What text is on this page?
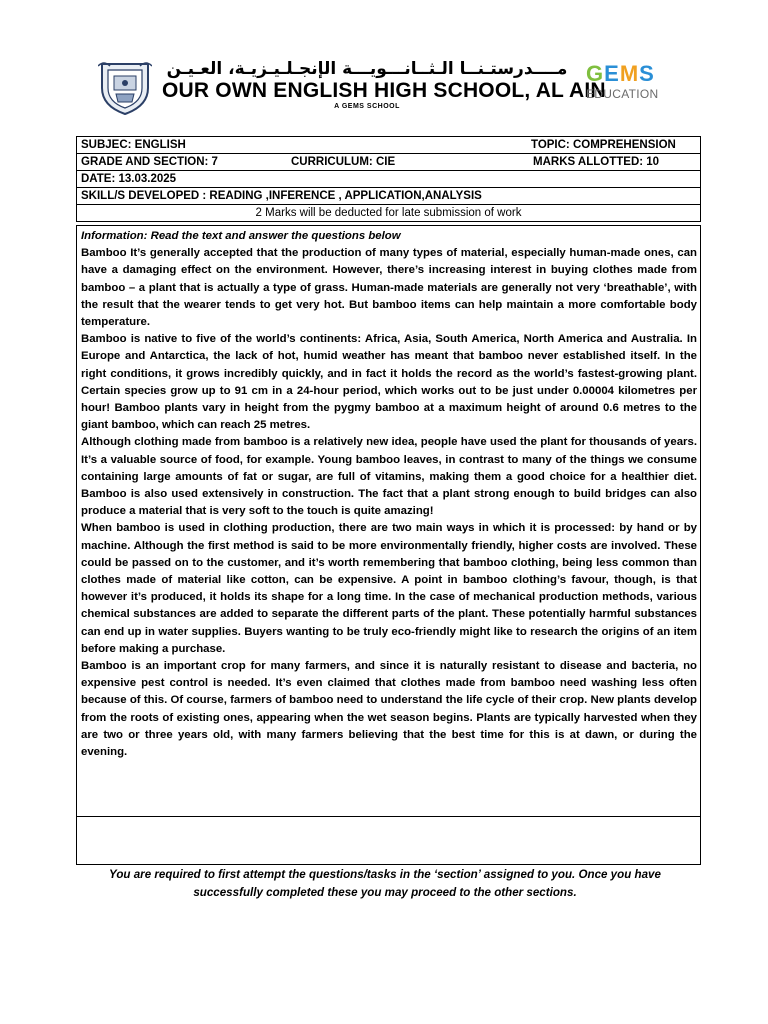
مــــدرستـنــا الـثــانـــويـــة الإنجـلـيـزيـة، العـيـن
OUR OWN ENGLISH HIGH SCHOOL, AL AIN
A GEMS SCHOOL
G E M S
EDUCATION
SUBJEC: ENGLISH	TOPIC: COMPREHENSION

GRADE AND SECTION: 7	CURRICULUM: CIE	MARKS ALLOTTED: 10

DATE: 13.03.2025

SKILL/S DEVELOPED : READING ,INFERENCE , APPLICATION,ANALYSIS

2 Marks will be deducted for late submission of work
Information: Read the text and answer the questions below

Bamboo It’s generally accepted that the production of many types of material, especially human-made ones, can have a damaging effect on the environment. However, there’s increasing interest in buying clothes made from bamboo – a plant that is actually a type of grass. Human-made materials are generally not very ‘breathable’, with the result that the wearer tends to get very hot. But bamboo items can help maintain a more comfortable body temperature.

Bamboo is native to five of the world’s continents: Africa, Asia, South America, North America and Australia. In Europe and Antarctica, the lack of hot, humid weather has meant that bamboo never established itself. In the right conditions, it grows incredibly quickly, and in fact it holds the record as the world’s fastest-growing plant. Certain species grow up to 91 cm in a 24-hour period, which works out to be just under 0.00004 kilometres per hour! Bamboo plants vary in height from the pygmy bamboo at a maximum height of around 0.6 metres to the giant bamboo, which can reach 25 metres.

Although clothing made from bamboo is a relatively new idea, people have used the plant for thousands of years. It’s a valuable source of food, for example. Young bamboo leaves, in contrast to many of the things we consume containing large amounts of fat or sugar, are full of vitamins, making them a good choice for a healthier diet. Bamboo is also used extensively in construction. The fact that a plant strong enough to build bridges can also produce a material that is very soft to the touch is quite amazing!

When bamboo is used in clothing production, there are two main ways in which it is processed: by hand or by machine. Although the first method is said to be more environmentally friendly, higher costs are involved. These could be passed on to the customer, and it’s worth remembering that bamboo clothing, being less common than clothes made of material like cotton, can be expensive. A point in bamboo clothing’s favour, though, is that however it’s produced, it holds its shape for a long time. In the case of mechanical production methods, various chemical substances are added to separate the different parts of the plant. These potentially harmful substances can end up in water supplies. Buyers wanting to be truly eco-friendly might like to research the origins of an item before making a purchase.

Bamboo is an important crop for many farmers, and since it is naturally resistant to disease and bacteria, no expensive pest control is needed. It’s even claimed that clothes made from bamboo need washing less often because of this. Of course, farmers of bamboo need to understand the life cycle of their crop. New plants develop from the roots of existing ones, appearing when the wet season begins. Plants are typically harvested when they are two or three years old, with many farmers believing that the best time for this is at dawn, or during the evening.

You are required to first attempt the questions/tasks in the ‘section’ assigned to you. Once you have successfully completed these you may proceed to the other sections.
